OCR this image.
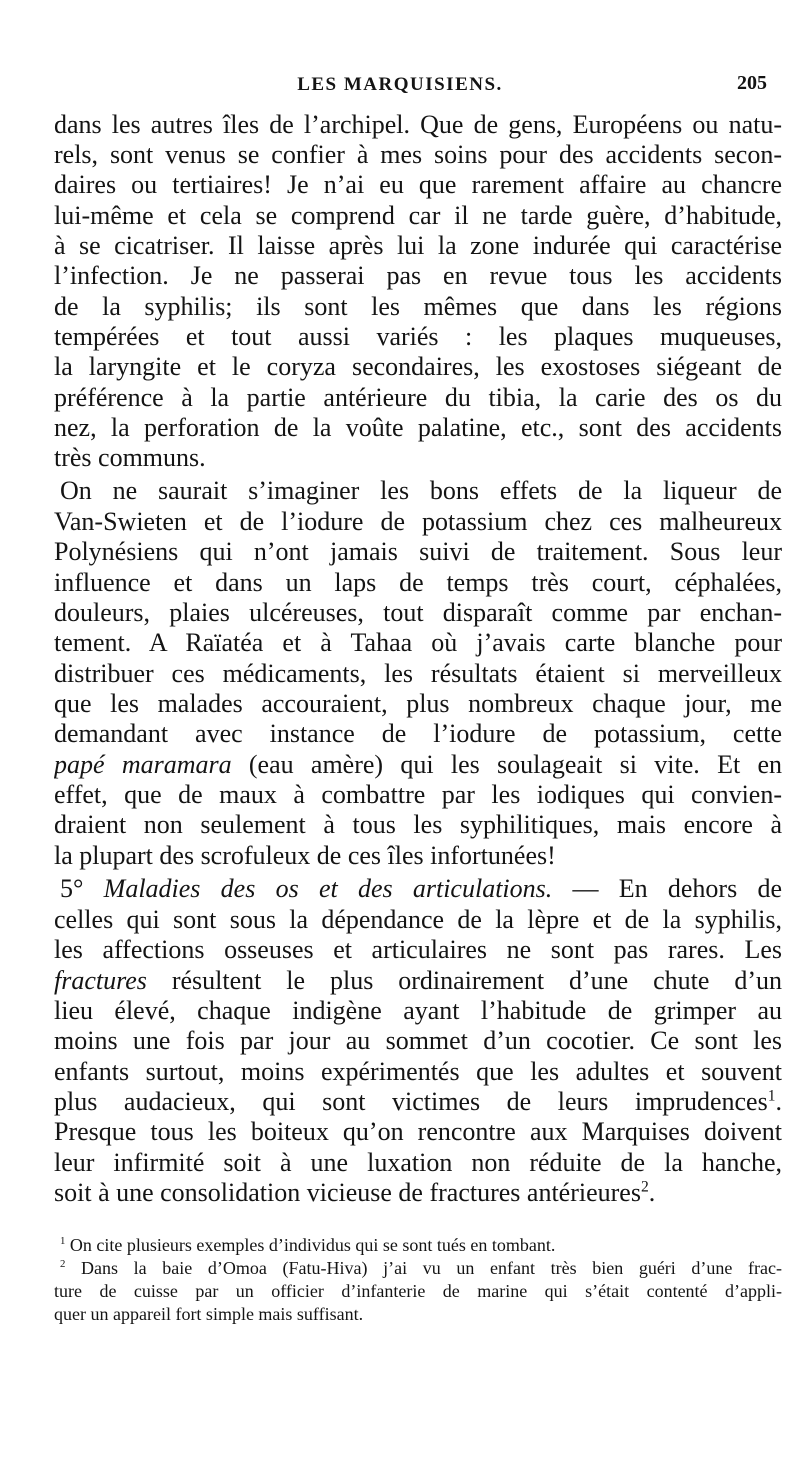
LES MARQUISIENS.	205
dans les autres îles de l’archipel. Que de gens, Européens ou natu-
rels, sont venus se confier à mes soins pour des accidents secon-
daires ou tertiaires! Je n’ai eu que rarement affaire au chancre
lui-même et cela se comprend car il ne tarde guère, d’habitude,
à se cicatriser. Il laisse après lui la zone indurée qui caractérise
l’infection. Je ne passerai pas en revue tous les accidents
de la syphilis; ils sont les mêmes que dans les régions
tempérées et tout aussi variés : les plaques muqueuses,
la laryngite et le coryza secondaires, les exostoses siégeant de
préférence à la partie antérieure du tibia, la carie des os du
nez, la perforation de la voûte palatine, etc., sont des accidents
très communs.
On ne saurait s’imaginer les bons effets de la liqueur de
Van-Swieten et de l’iodure de potassium chez ces malheureux
Polynésiens qui n’ont jamais suivi de traitement. Sous leur
influence et dans un laps de temps très court, céphalées,
douleurs, plaies ulcéreuses, tout disparaît comme par enchan-
tement. A Raïatéa et à Tahaa où j’avais carte blanche pour
distribuer ces médicaments, les résultats étaient si merveilleux
que les malades accouraient, plus nombreux chaque jour, me
demandant avec instance de l’iodure de potassium, cette
papé maramara (eau amère) qui les soulageait si vite. Et en
effet, que de maux à combattre par les iodiques qui convien-
draient non seulement à tous les syphilitiques, mais encore à
la plupart des scrofuleux de ces îles infortunées!
5° Maladies des os et des articulations. — En dehors de
celles qui sont sous la dépendance de la lèpre et de la syphilis,
les affections osseuses et articulaires ne sont pas rares. Les
fractures résultent le plus ordinairement d’une chute d’un
lieu élevé, chaque indigène ayant l’habitude de grimper au
moins une fois par jour au sommet d’un cocotier. Ce sont les
enfants surtout, moins expérimentés que les adultes et souvent
plus audacieux, qui sont victimes de leurs imprudences$^1$.
Presque tous les boiteux qu’on rencontre aux Marquises doivent
leur infirmité soit à une luxation non réduite de la hanche,
soit à une consolidation vicieuse de fractures antérieures$^2$.
$^1$ On cite plusieurs exemples d’individus qui se sont tués en tombant.
$^2$ Dans la baie d’Omoa (Fatu-Hiva) j’ai vu un enfant très bien guéri d’une frac-
ture de cuisse par un officier d’infanterie de marine qui s’était contenté d’appli-
quer un appareil fort simple mais suffisant.
